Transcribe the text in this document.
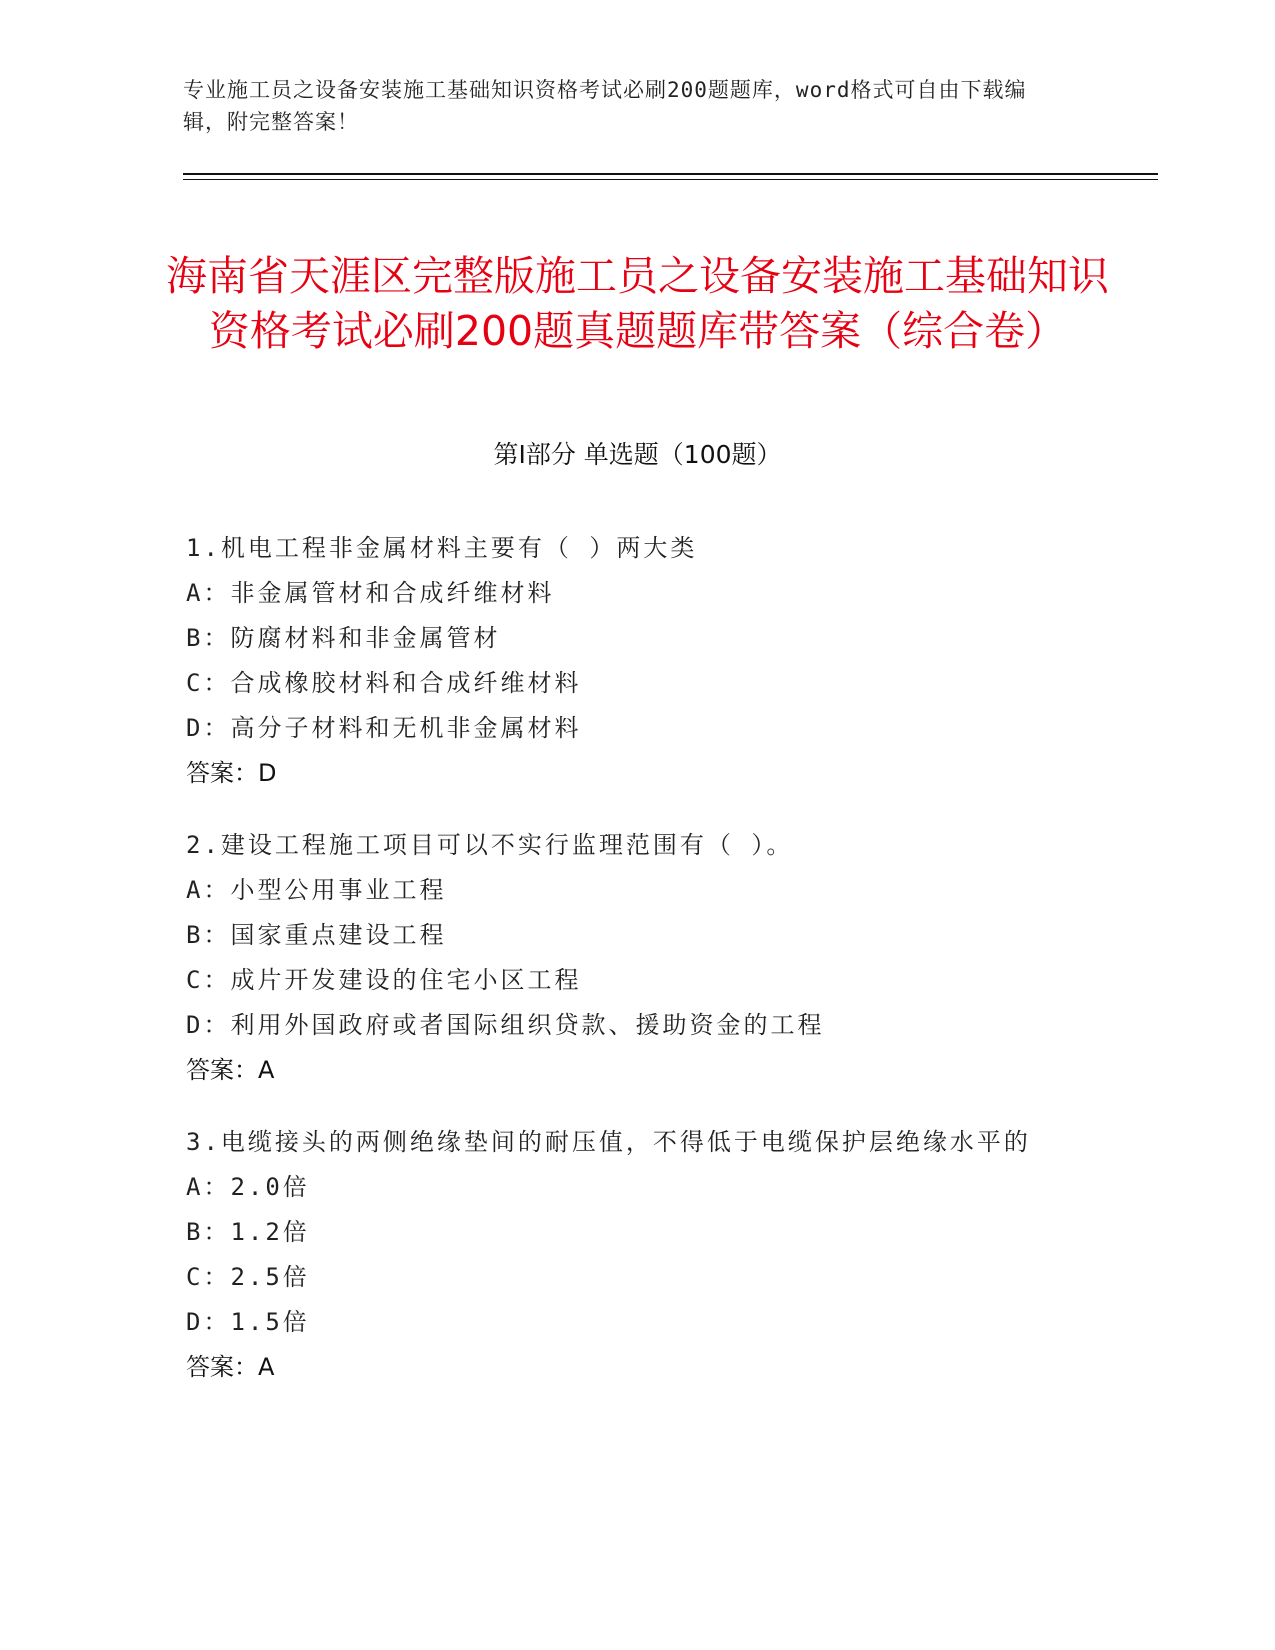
专业施工员之设备安装施工基础知识资格考试必刷200题题库，word格式可自由下载编辑，附完整答案！
海南省天涯区完整版施工员之设备安装施工基础知识资格考试必刷200题真题题库带答案（综合卷）
第I部分 单选题（100题）
1.机电工程非金属材料主要有（ ）两大类
A：非金属管材和合成纤维材料
B：防腐材料和非金属管材
C：合成橡胶材料和合成纤维材料
D：高分子材料和无机非金属材料
答案：D
2.建设工程施工项目可以不实行监理范围有（ ）。
A：小型公用事业工程
B：国家重点建设工程
C：成片开发建设的住宅小区工程
D：利用外国政府或者国际组织贷款、援助资金的工程
答案：A
3.电缆接头的两侧绝缘垫间的耐压值，不得低于电缆保护层绝缘水平的
A：2.0倍
B：1.2倍
C：2.5倍
D：1.5倍
答案：A
